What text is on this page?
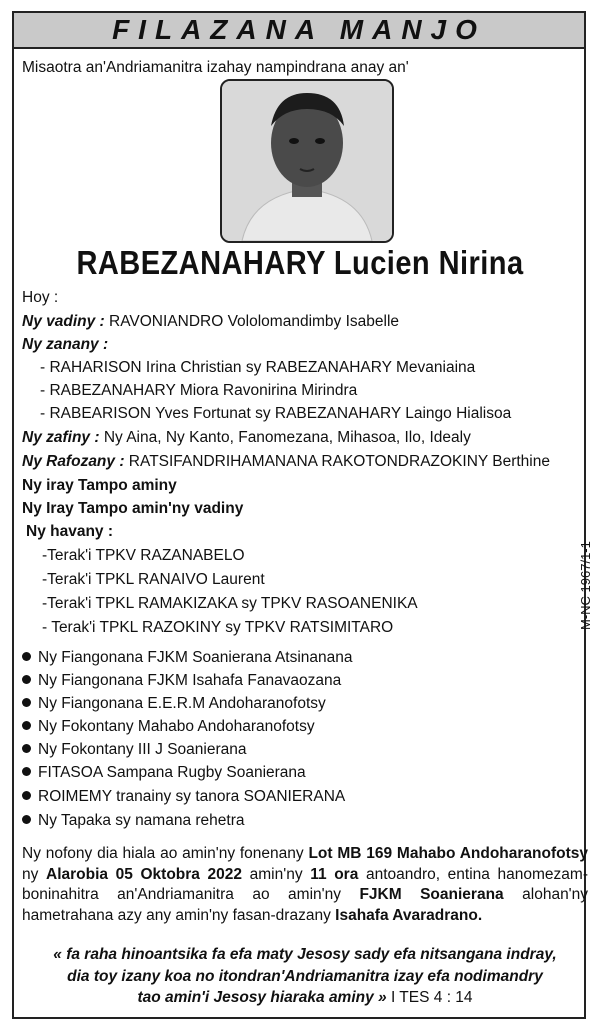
FILAZANA MANJO
Misaotra an'Andriamanitra izahay nampindrana anay an'
RABEZANAHARY Lucien Nirina
Hoy :
Ny vadiny : RAVONIANDRO Vololomandimby Isabelle
Ny zanany :
- RAHARISON Irina Christian sy RABEZANAHARY Mevaniaina
- RABEZANAHARY Miora Ravonirina Mirindra
- RABEARISON Yves Fortunat sy RABEZANAHARY Laingo Hialisoa
Ny zafiny : Ny Aina, Ny Kanto, Fanomezana, Mihasoa, Ilo, Idealy
Ny Rafozany : RATSIFANDRIHAMANANA RAKOTONDRAZOKINY Berthine
Ny iray Tampo aminy
Ny Iray Tampo amin'ny vadiny
Ny havany :
-Terak'i TPKV RAZANABELO
-Terak'i TPKL RANAIVO Laurent
-Terak'i TPKL RAMAKIZAKA sy TPKV RASOANENIKA
- Terak'i TPKL RAZOKINY sy TPKV RATSIMITARO
Ny Fiangonana FJKM Soanierana Atsinanana
Ny Fiangonana FJKM Isahafa Fanavaozana
Ny Fiangonana E.E.R.M Andoharanofotsy
Ny Fokontany Mahabo Andoharanofotsy
Ny Fokontany III J Soanierana
FITASOA Sampana Rugby Soanierana
ROIMEMY tranainy sy tanora SOANIERANA
Ny Tapaka sy namana rehetra
Ny nofony dia hiala ao amin'ny fonenany Lot MB 169 Mahabo Andoharanofotsy ny Alarobia 05 Oktobra 2022 amin'ny 11 ora antoandro, entina hanomezam-boninahitra an'Andriamanitra ao amin'ny FJKM Soanierana alohan'ny hametrahana azy any amin'ny fasan-drazany Isahafa Avaradrano.
« fa raha hinoantsika fa efa maty Jesosy sady efa nitsangana indray,
dia toy izany koa no itondran'Andriamanitra izay efa nodimandry
tao amin'i Jesosy hiaraka aminy » I TES 4 : 14
M-NC 1967/1-1
